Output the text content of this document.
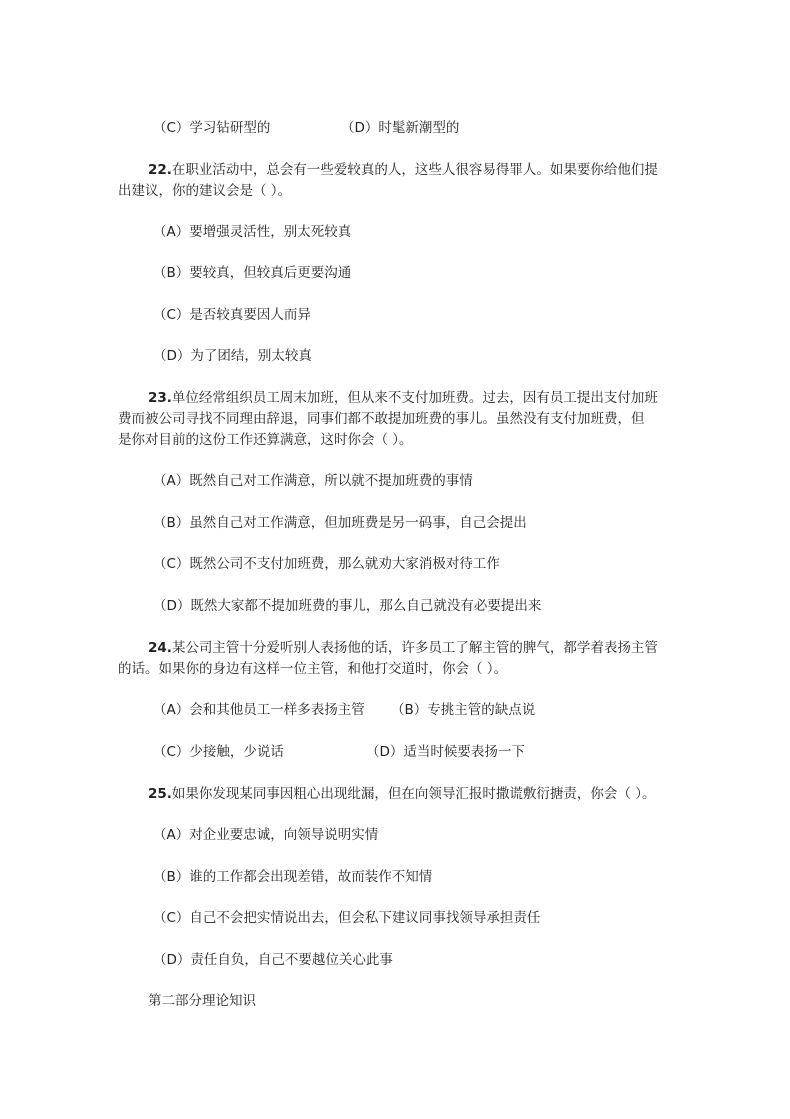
（C）学习钻研型的	（D）时髦新潮型的
22.在职业活动中，总会有一些爱较真的人，这些人很容易得罪人。如果要你给他们提
出建议，你的建议会是（ ）。
（A）要增强灵活性，别太死较真
（B）要较真，但较真后更要沟通
（C）是否较真要因人而异
（D）为了团结，别太较真
23.单位经常组织员工周末加班，但从来不支付加班费。过去，因有员工提出支付加班
费而被公司寻找不同理由辞退，同事们都不敢提加班费的事儿。虽然没有支付加班费，但
是你对目前的这份工作还算满意，这时你会（ ）。
（A）既然自己对工作满意，所以就不提加班费的事情
（B）虽然自己对工作满意，但加班费是另一码事，自己会提出
（C）既然公司不支付加班费，那么就劝大家消极对待工作
（D）既然大家都不提加班费的事儿，那么自己就没有必要提出来
24.某公司主管十分爱听别人表扬他的话，许多员工了解主管的脾气，都学着表扬主管
的话。如果你的身边有这样一位主管，和他打交道时，你会（ ）。
（A）会和其他员工一样多表扬主管 （B）专挑主管的缺点说
（C）少接触，少说话	（D）适当时候要表扬一下
25.如果你发现某同事因粗心出现纰漏，但在向领导汇报时撒谎敷衍搪责，你会（ ）。
（A）对企业要忠诚，向领导说明实情
（B）谁的工作都会出现差错，故而装作不知情
（C）自己不会把实情说出去，但会私下建议同事找领导承担责任
（D）责任自负，自己不要越位关心此事
第二部分理论知识
